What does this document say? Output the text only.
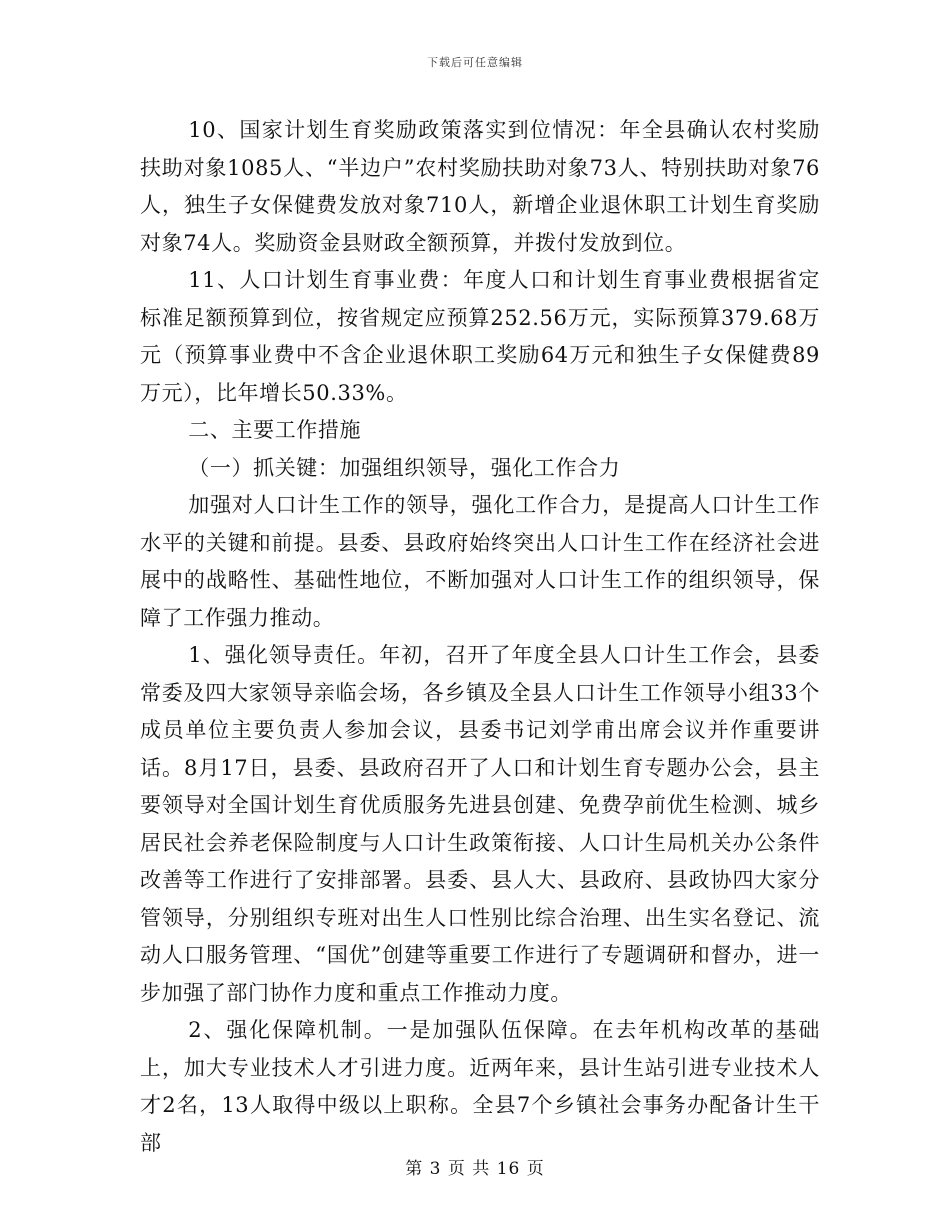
下载后可任意编辑

10、国家计划生育奖励政策落实到位情况：年全县确认农村奖励扶助对象1085人、“半边户”农村奖励扶助对象73人、特别扶助对象76人，独生子女保健费发放对象710人，新增企业退休职工计划生育奖励对象74人。奖励资金县财政全额预算，并拨付发放到位。

11、人口计划生育事业费：年度人口和计划生育事业费根据省定标准足额预算到位，按省规定应预算252.56万元，实际预算379.68万元（预算事业费中不含企业退休职工奖励64万元和独生子女保健费89万元），比年增长50.33%。

二、主要工作措施

（一）抓关键：加强组织领导，强化工作合力

加强对人口计生工作的领导，强化工作合力，是提高人口计生工作水平的关键和前提。县委、县政府始终突出人口计生工作在经济社会进展中的战略性、基础性地位，不断加强对人口计生工作的组织领导，保障了工作强力推动。

1、强化领导责任。年初，召开了年度全县人口计生工作会，县委常委及四大家领导亲临会场，各乡镇及全县人口计生工作领导小组33个成员单位主要负责人参加会议，县委书记刘学甫出席会议并作重要讲话。8月17日，县委、县政府召开了人口和计划生育专题办公会，县主要领导对全国计划生育优质服务先进县创建、免费孕前优生检测、城乡居民社会养老保险制度与人口计生政策衔接、人口计生局机关办公条件改善等工作进行了安排部署。县委、县人大、县政府、县政协四大家分管领导，分别组织专班对出生人口性别比综合治理、出生实名登记、流动人口服务管理、“国优”创建等重要工作进行了专题调研和督办，进一步加强了部门协作力度和重点工作推动力度。

2、强化保障机制。一是加强队伍保障。在去年机构改革的基础上，加大专业技术人才引进力度。近两年来，县计生站引进专业技术人才2名，13人取得中级以上职称。全县7个乡镇社会事务办配备计生干部

第 3 页 共 16 页
